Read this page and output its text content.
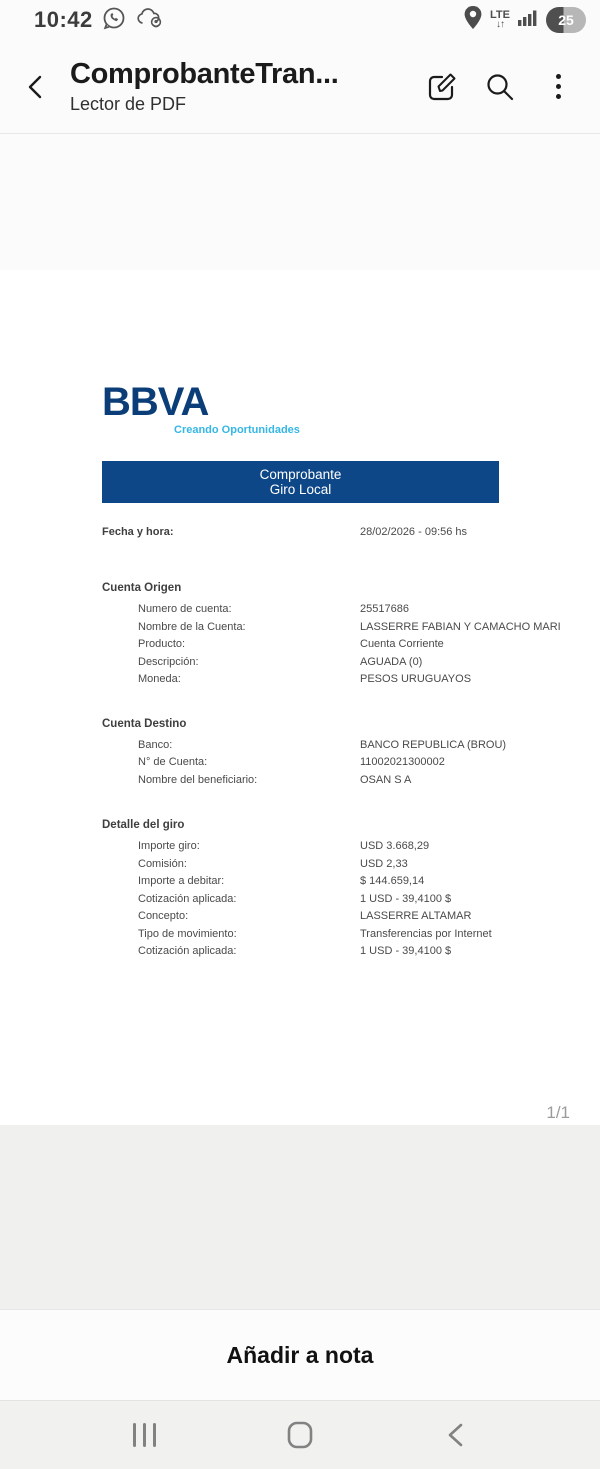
10:42	LTE
↓↑	25
ComprobanteTran...
Lector de PDF
BBVA
Creando Oportunidades
Comprobante
Giro Local
Fecha y hora:	28/02/2026 - 09:56 hs
Cuenta Origen
Numero de cuenta:	25517686
Nombre de la Cuenta:	LASSERRE FABIAN Y CAMACHO MARI
Producto:	Cuenta Corriente
Descripción:	AGUADA (0)
Moneda:	PESOS URUGUAYOS
Cuenta Destino
Banco:	BANCO REPUBLICA (BROU)
N° de Cuenta:	11002021300002
Nombre del beneficiario:	OSAN S A
Detalle del giro
Importe giro:	USD 3.668,29
Comisión:	USD 2,33
Importe a debitar:	$ 144.659,14
Cotización aplicada:	1 USD - 39,4100 $
Concepto:	LASSERRE ALTAMAR
Tipo de movimiento:	Transferencias por Internet
Cotización aplicada:	1 USD - 39,4100 $
1/1
Añadir a nota
